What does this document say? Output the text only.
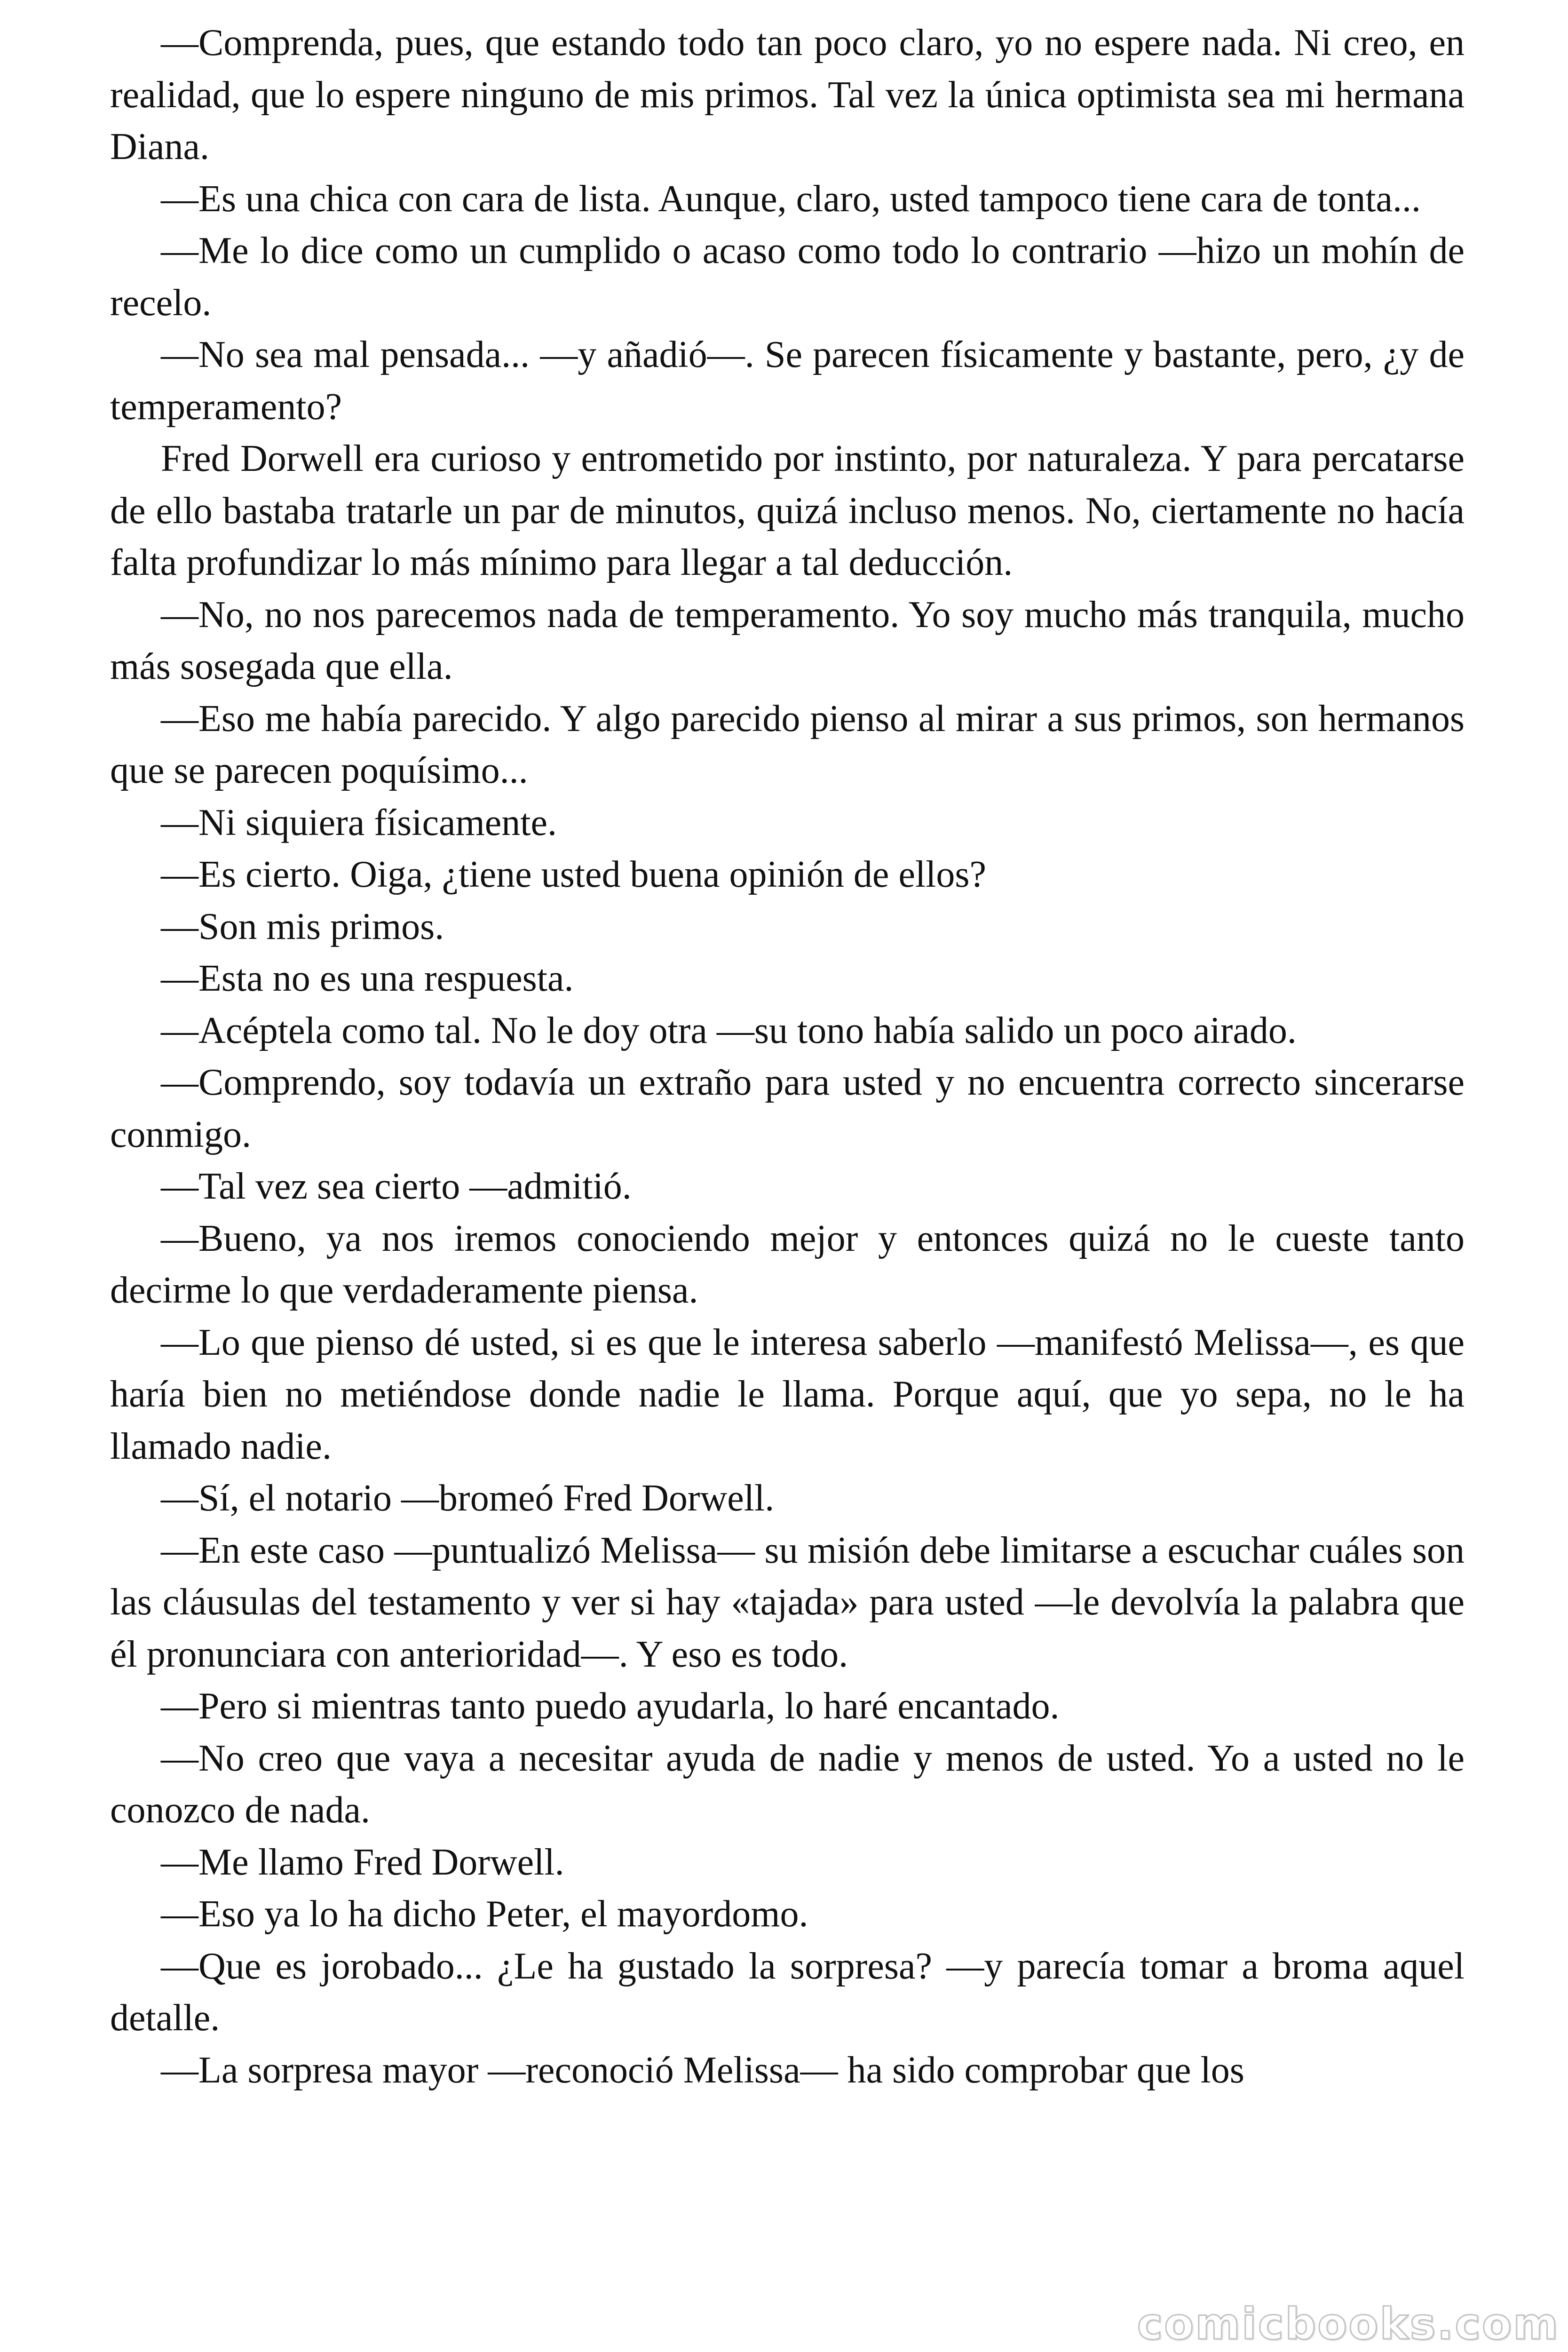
—Comprenda, pues, que estando todo tan poco claro, yo no espere nada. Ni creo, en realidad, que lo espere ninguno de mis primos. Tal vez la única optimista sea mi hermana Diana.

—Es una chica con cara de lista. Aunque, claro, usted tampoco tiene cara de tonta...

—Me lo dice como un cumplido o acaso como todo lo contrario —hizo un mohín de recelo.

—No sea mal pensada... —y añadió—. Se parecen físicamente y bastante, pero, ¿y de temperamento?

Fred Dorwell era curioso y entrometido por instinto, por naturaleza. Y para percatarse de ello bastaba tratarle un par de minutos, quizá incluso menos. No, ciertamente no hacía falta profundizar lo más mínimo para llegar a tal deducción.

—No, no nos parecemos nada de temperamento. Yo soy mucho más tranquila, mucho más sosegada que ella.

—Eso me había parecido. Y algo parecido pienso al mirar a sus primos, son hermanos que se parecen poquísimo...

—Ni siquiera físicamente.

—Es cierto. Oiga, ¿tiene usted buena opinión de ellos?

—Son mis primos.

—Esta no es una respuesta.

—Acéptela como tal. No le doy otra —su tono había salido un poco airado.

—Comprendo, soy todavía un extraño para usted y no encuentra correcto sincerarse conmigo.

—Tal vez sea cierto —admitió.

—Bueno, ya nos iremos conociendo mejor y entonces quizá no le cueste tanto decirme lo que verdaderamente piensa.

—Lo que pienso dé usted, si es que le interesa saberlo —manifestó Melissa—, es que haría bien no metiéndose donde nadie le llama. Porque aquí, que yo sepa, no le ha llamado nadie.

—Sí, el notario —bromeó Fred Dorwell.

—En este caso —puntualizó Melissa— su misión debe limitarse a escuchar cuáles son las cláusulas del testamento y ver si hay «tajada» para usted —le devolvía la palabra que él pronunciara con anterioridad—. Y eso es todo.

—Pero si mientras tanto puedo ayudarla, lo haré encantado.

—No creo que vaya a necesitar ayuda de nadie y menos de usted. Yo a usted no le conozco de nada.

—Me llamo Fred Dorwell.

—Eso ya lo ha dicho Peter, el mayordomo.

—Que es jorobado... ¿Le ha gustado la sorpresa? —y parecía tomar a broma aquel detalle.

—La sorpresa mayor —reconoció Melissa— ha sido comprobar que los

comicbooks.com
